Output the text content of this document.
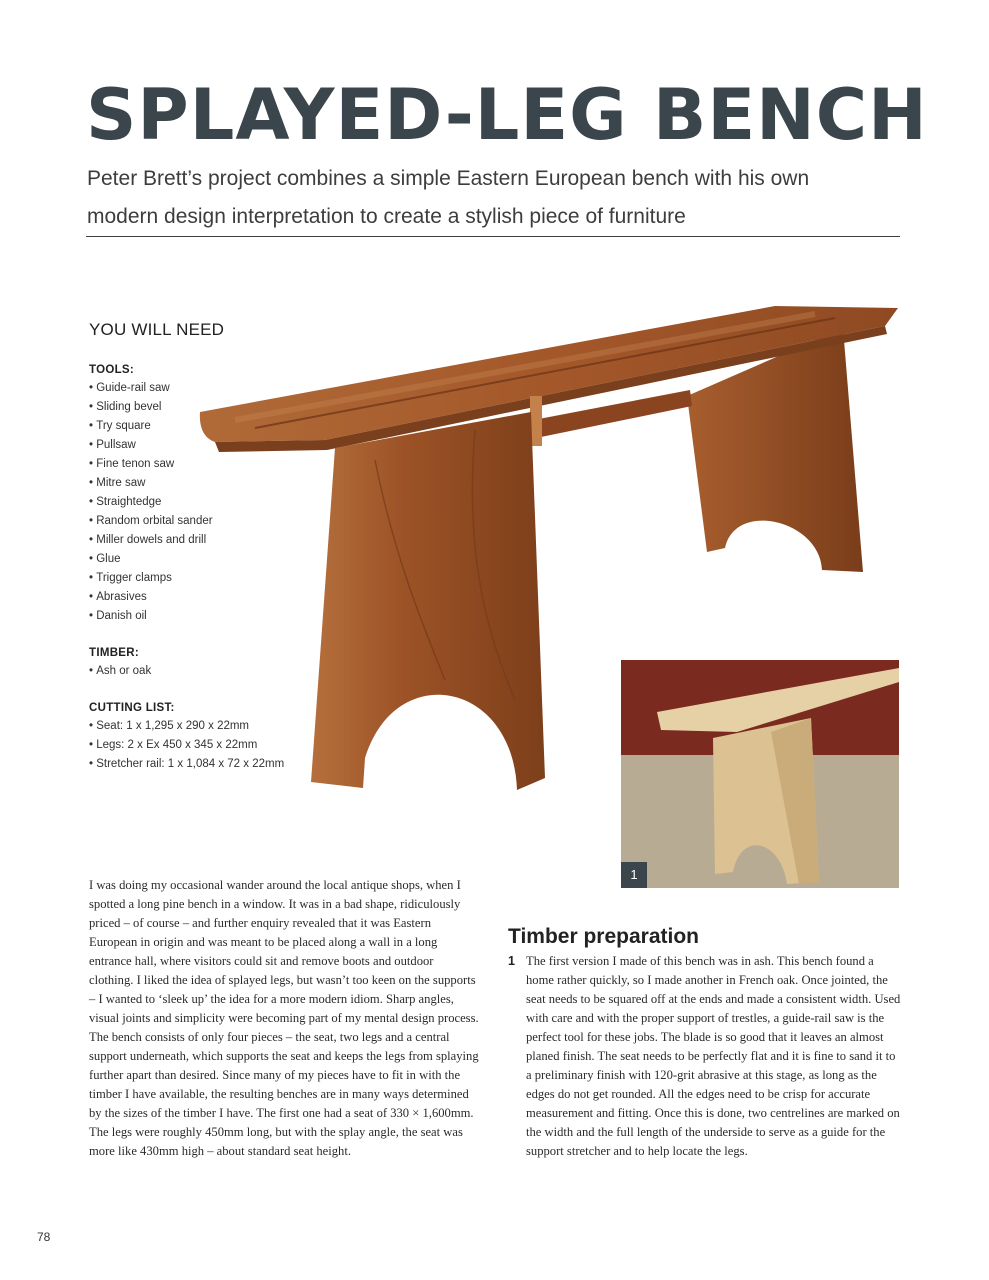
SPLAYED-LEG BENCH
Peter Brett’s project combines a simple Eastern European bench with his own modern design interpretation to create a stylish piece of furniture
YOU WILL NEED
TOOLS:
• Guide-rail saw
• Sliding bevel
• Try square
• Pullsaw
• Fine tenon saw
• Mitre saw
• Straightedge
• Random orbital sander
• Miller dowels and drill
• Glue
• Trigger clamps
• Abrasives
• Danish oil
TIMBER:
• Ash or oak
CUTTING LIST:
• Seat: 1 x 1,295 x 290 x 22mm
• Legs: 2 x Ex 450 x 345 x 22mm
• Stretcher rail: 1 x 1,084 x 72 x 22mm
1

I was doing my occasional wander around the local antique shops, when I spotted a long pine bench in a window. It was in a bad shape, ridiculously priced – of course – and further enquiry revealed that it was Eastern European in origin and was meant to be placed along a wall in a long entrance hall, where visitors could sit and remove boots and outdoor clothing. I liked the idea of splayed legs, but wasn’t too keen on the supports – I wanted to ‘sleek up’ the idea for a more modern idiom. Sharp angles, visual joints and simplicity were becoming part of my mental design process. The bench consists of only four pieces – the seat, two legs and a central support underneath, which supports the seat and keeps the legs from splaying further apart than desired. Since many of my pieces have to fit in with the timber I have available, the resulting benches are in many ways determined by the sizes of the timber I have. The first one had a seat of 330 × 1,600mm. The legs were roughly 450mm long, but with the splay angle, the seat was more like 430mm high – about standard seat height.

Timber preparation
1 The first version I made of this bench was in ash. This bench found a home rather quickly, so I made another in French oak. Once jointed, the seat needs to be squared off at the ends and made a consistent width. Used with care and with the proper support of trestles, a guide-rail saw is the perfect tool for these jobs. The blade is so good that it leaves an almost planed finish. The seat needs to be perfectly flat and it is fine to sand it to a preliminary finish with 120-grit abrasive at this stage, as long as the edges do not get rounded. All the edges need to be crisp for accurate measurement and fitting. Once this is done, two centrelines are marked on the width and the full length of the underside to serve as a guide for the support stretcher and to help locate the legs.

78
